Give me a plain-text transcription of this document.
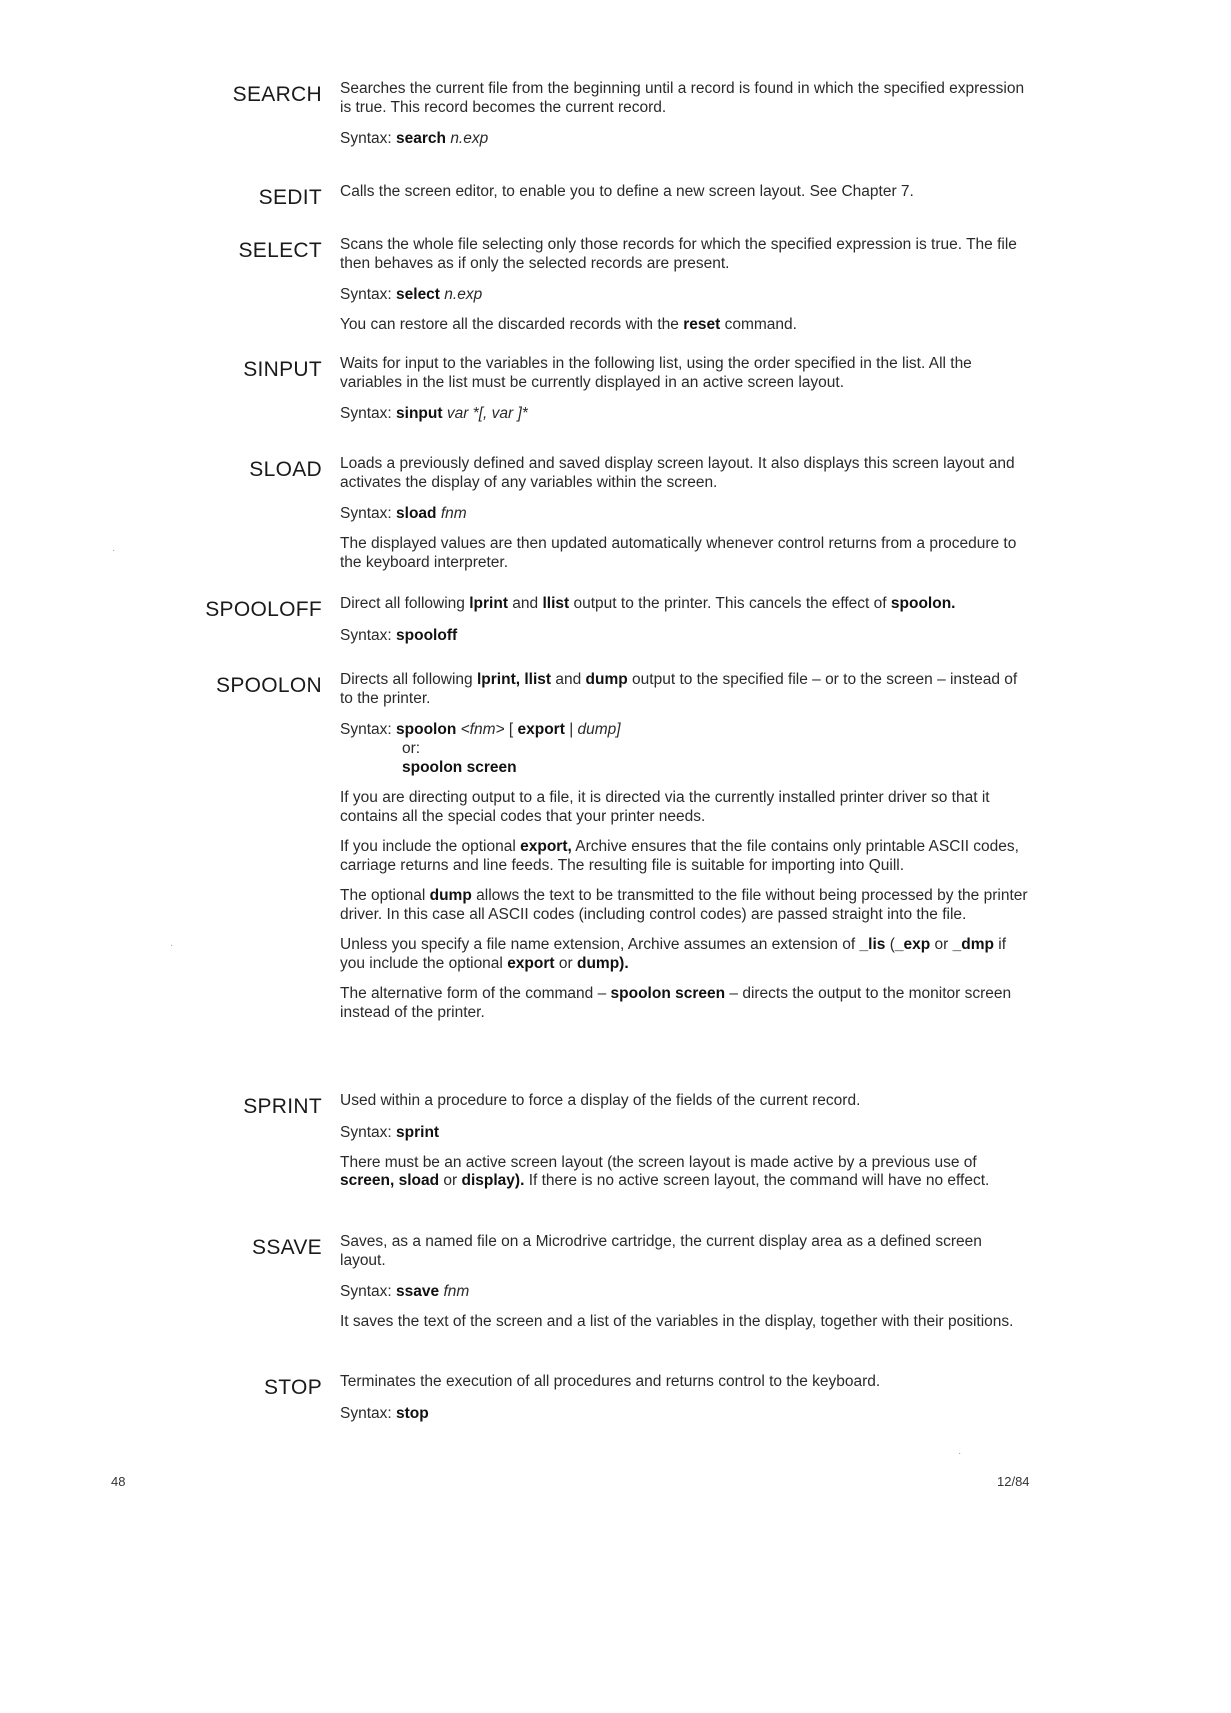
SEARCH Searches the current file from the beginning until a record is found in which the specified expression is true. This record becomes the current record.

Syntax: search n.exp

SEDIT Calls the screen editor, to enable you to define a new screen layout. See Chapter 7.

SELECT Scans the whole file selecting only those records for which the specified expression is true. The file then behaves as if only the selected records are present.

Syntax: select n.exp

You can restore all the discarded records with the reset command.

SINPUT Waits for input to the variables in the following list, using the order specified in the list. All the variables in the list must be currently displayed in an active screen layout.

Syntax: sinput var *[, var ]*

SLOAD Loads a previously defined and saved display screen layout. It also displays this screen layout and activates the display of any variables within the screen.

Syntax: sload fnm

The displayed values are then updated automatically whenever control returns from a procedure to the keyboard interpreter.

SPOOLOFF Direct all following lprint and llist output to the printer. This cancels the effect of spoolon.

Syntax: spooloff

SPOOLON Directs all following lprint, llist and dump output to the specified file – or to the screen – instead of to the printer.

Syntax: spoolon <fnm> [ export | dump]
or:
spoolon screen

If you are directing output to a file, it is directed via the currently installed printer driver so that it contains all the special codes that your printer needs.

If you include the optional export, Archive ensures that the file contains only printable ASCII codes, carriage returns and line feeds. The resulting file is suitable for importing into Quill.

The optional dump allows the text to be transmitted to the file without being processed by the printer driver. In this case all ASCII codes (including control codes) are passed straight into the file.

Unless you specify a file name extension, Archive assumes an extension of _lis (_exp or _dmp if you include the optional export or dump).

The alternative form of the command – spoolon screen – directs the output to the monitor screen instead of the printer.

SPRINT Used within a procedure to force a display of the fields of the current record.

Syntax: sprint

There must be an active screen layout (the screen layout is made active by a previous use of screen, sload or display). If there is no active screen layout, the command will have no effect.

SSAVE Saves, as a named file on a Microdrive cartridge, the current display area as a defined screen layout.

Syntax: ssave fnm

It saves the text of the screen and a list of the variables in the display, together with their positions.

STOP Terminates the execution of all procedures and returns control to the keyboard.

Syntax: stop

48	12/84
·
·
·
